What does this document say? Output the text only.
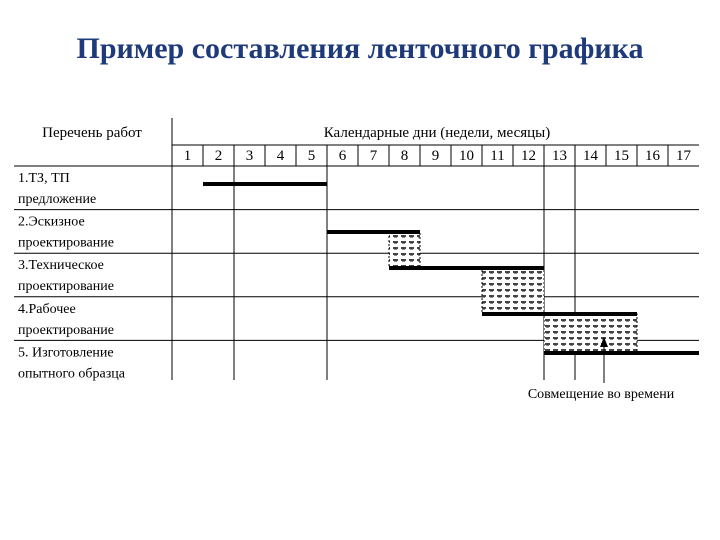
Пример составления ленточного графика
Перечень работ	Календарные дни (недели, месяцы)
1 2 3 4 5 6 7 8 9 10 11 12 13 14 15 16 17
1.ТЗ, ТП
предложение
2.Эскизное
проектирование
3.Техническое
проектирование
4.Рабочее
проектирование
5. Изготовление
опытного образца
Совмещение во времени
